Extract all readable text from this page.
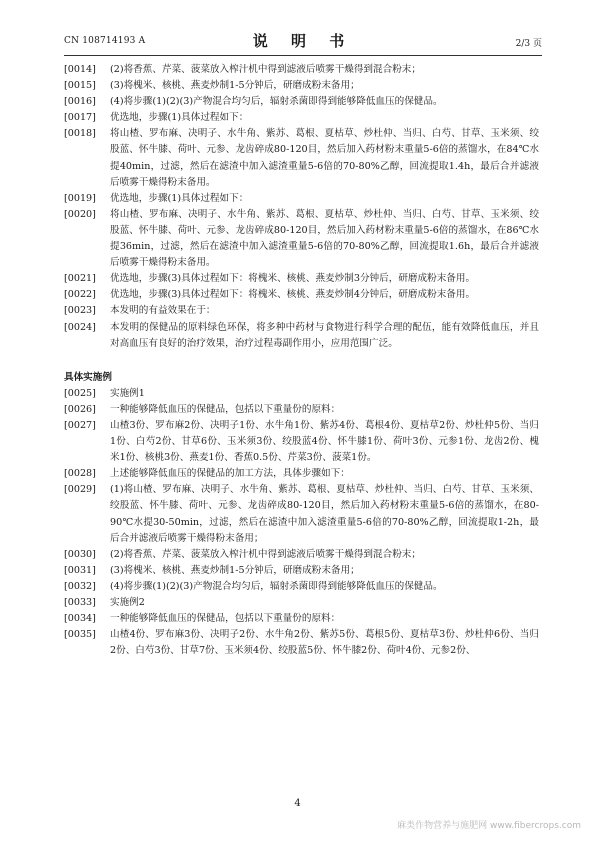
CN 108714193 A	说 明 书	2/3 页
[0014]	(2)将香蕉、芹菜、菠菜放入榨汁机中得到滤液后喷雾干燥得到混合粉末；
[0015]	(3)将槐米、核桃、燕麦炒制1-5分钟后，研磨成粉末备用；
[0016]	(4)将步骤(1)(2)(3)产物混合均匀后，辐射杀菌即得到能够降低血压的保健品。
[0017]	优选地，步骤(1)具体过程如下：
[0018]	将山楂、罗布麻、决明子、水牛角、紫苏、葛根、夏枯草、炒杜仲、当归、白芍、甘草、玉米须、绞股蓝、怀牛膝、荷叶、元参、龙齿碎成80-120目，然后加入药材粉末重量5-6倍的蒸馏水，在84℃水提40min，过滤，然后在滤渣中加入滤渣重量5-6倍的70-80%乙醇，回流提取1.4h，最后合并滤液后喷雾干燥得粉末备用。
[0019]	优选地，步骤(1)具体过程如下：
[0020]	将山楂、罗布麻、决明子、水牛角、紫苏、葛根、夏枯草、炒杜仲、当归、白芍、甘草、玉米须、绞股蓝、怀牛膝、荷叶、元参、龙齿碎成80-120目，然后加入药材粉末重量5-6倍的蒸馏水，在86℃水提36min，过滤，然后在滤渣中加入滤渣重量5-6倍的70-80%乙醇，回流提取1.6h，最后合并滤液后喷雾干燥得粉末备用。
[0021]	优选地，步骤(3)具体过程如下：将槐米、核桃、燕麦炒制3分钟后，研磨成粉末备用。
[0022]	优选地，步骤(3)具体过程如下：将槐米、核桃、燕麦炒制4分钟后，研磨成粉末备用。
[0023]	本发明的有益效果在于：
[0024]	本发明的保健品的原料绿色环保，将多种中药材与食物进行科学合理的配伍，能有效降低血压，并且对高血压有良好的治疗效果，治疗过程毒副作用小，应用范围广泛。
具体实施例
[0025]	实施例1
[0026]	一种能够降低血压的保健品，包括以下重量份的原料：
[0027]	山楂3份、罗布麻2份、决明子1份、水牛角1份、紫苏4份、葛根4份、夏枯草2份、炒杜仲5份、当归1份、白芍2份、甘草6份、玉米须3份、绞股蓝4份、怀牛膝1份、荷叶3份、元参1份、龙齿2份、槐米1份、核桃3份、燕麦1份、香蕉0.5份、芹菜3份、菠菜1份。
[0028]	上述能够降低血压的保健品的加工方法，具体步骤如下：
[0029]	(1)将山楂、罗布麻、决明子、水牛角、紫苏、葛根、夏枯草、炒杜仲、当归、白芍、甘草、玉米须、绞股蓝、怀牛膝、荷叶、元参、龙齿碎成80-120目，然后加入药材粉末重量5-6倍的蒸馏水，在80-90℃水提30-50min，过滤，然后在滤渣中加入滤渣重量5-6倍的70-80%乙醇，回流提取1-2h，最后合并滤液后喷雾干燥得粉末备用；
[0030]	(2)将香蕉、芹菜、菠菜放入榨汁机中得到滤液后喷雾干燥得到混合粉末；
[0031]	(3)将槐米、核桃、燕麦炒制1-5分钟后，研磨成粉末备用；
[0032]	(4)将步骤(1)(2)(3)产物混合均匀后，辐射杀菌即得到能够降低血压的保健品。
[0033]	实施例2
[0034]	一种能够降低血压的保健品，包括以下重量份的原料：
[0035]	山楂4份、罗布麻3份、决明子2份、水牛角2份、紫苏5份、葛根5份、夏枯草3份、炒杜仲6份、当归2份、白芍3份、甘草7份、玉米须4份、绞股蓝5份、怀牛膝2份、荷叶4份、元参2份、
4
麻类作物营养与施肥网 www.fibercrops.com
